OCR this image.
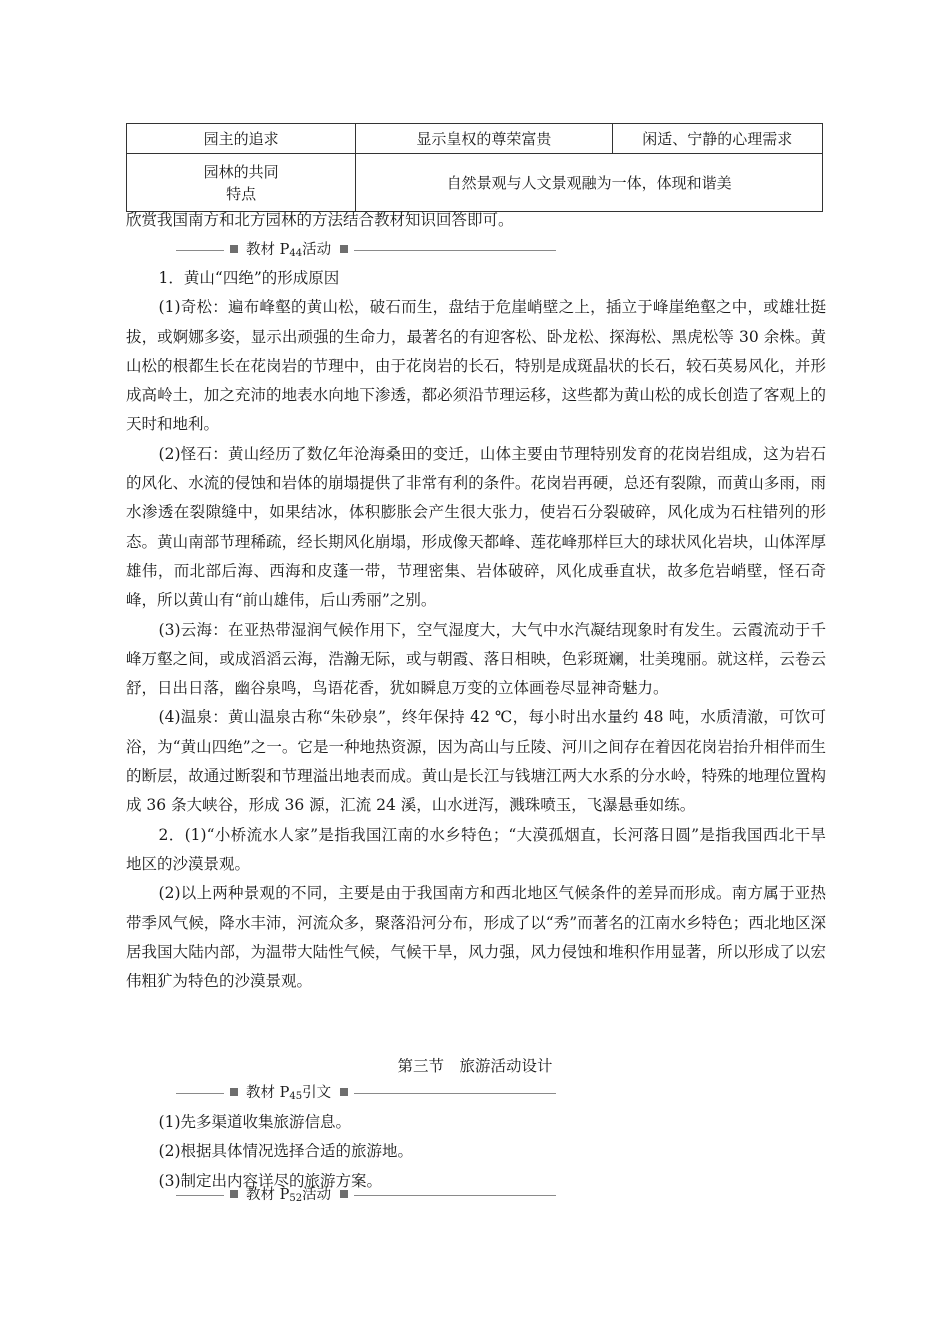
园主的追求	显示皇权的尊荣富贵	闲适、宁静的心理需求

园林的共同
特点	自然景观与人文景观融为一体，体现和谐美	

欣赏我国南方和北方园林的方法结合教材知识回答即可。

教材 $P_{44}$活动

1．黄山“四绝”的形成原因

(1)奇松：遍布峰壑的黄山松，破石而生，盘结于危崖峭壁之上，插立于峰崖绝壑之中，或雄壮挺拔，或婀娜多姿，显示出顽强的生命力，最著名的有迎客松、卧龙松、探海松、黑虎松等 30 余株。黄山松的根都生长在花岗岩的节理中，由于花岗岩的长石，特别是成斑晶状的长石，较石英易风化，并形成高岭土，加之充沛的地表水向地下渗透，都必须沿节理运移，这些都为黄山松的成长创造了客观上的天时和地利。

(2)怪石：黄山经历了数亿年沧海桑田的变迁，山体主要由节理特别发育的花岗岩组成，这为岩石的风化、水流的侵蚀和岩体的崩塌提供了非常有利的条件。花岗岩再硬，总还有裂隙，而黄山多雨，雨水渗透在裂隙缝中，如果结冰，体积膨胀会产生很大张力，使岩石分裂破碎，风化成为石柱错列的形态。黄山南部节理稀疏，经长期风化崩塌，形成像天都峰、莲花峰那样巨大的球状风化岩块，山体浑厚雄伟，而北部后海、西海和皮蓬一带，节理密集、岩体破碎，风化成垂直状，故多危岩峭壁，怪石奇峰，所以黄山有“前山雄伟，后山秀丽”之别。

(3)云海：在亚热带湿润气候作用下，空气湿度大，大气中水汽凝结现象时有发生。云霞流动于千峰万壑之间，或成滔滔云海，浩瀚无际，或与朝霞、落日相映，色彩斑斓，壮美瑰丽。就这样，云卷云舒，日出日落，幽谷泉鸣，鸟语花香，犹如瞬息万变的立体画卷尽显神奇魅力。

(4)温泉：黄山温泉古称“朱砂泉”，终年保持 42 ℃，每小时出水量约 48 吨，水质清澈，可饮可浴，为“黄山四绝”之一。它是一种地热资源，因为高山与丘陵、河川之间存在着因花岗岩抬升相伴而生的断层，故通过断裂和节理溢出地表而成。黄山是长江与钱塘江两大水系的分水岭，特殊的地理位置构成 36 条大峡谷，形成 36 源，汇流 24 溪，山水迸泻，溅珠喷玉，飞瀑悬垂如练。

2．(1)“小桥流水人家”是指我国江南的水乡特色；“大漠孤烟直，长河落日圆”是指我国西北干旱地区的沙漠景观。

(2)以上两种景观的不同，主要是由于我国南方和西北地区气候条件的差异而形成。南方属于亚热带季风气候，降水丰沛，河流众多，聚落沿河分布，形成了以“秀”而著名的江南水乡特色；西北地区深居我国大陆内部，为温带大陆性气候，气候干旱，风力强，风力侵蚀和堆积作用显著，所以形成了以宏伟粗犷为特色的沙漠景观。

第三节　旅游活动设计
教材 $P_{45}$引文

(1)先多渠道收集旅游信息。

(2)根据具体情况选择合适的旅游地。

(3)制定出内容详尽的旅游方案。

教材 $P_{52}$活动
